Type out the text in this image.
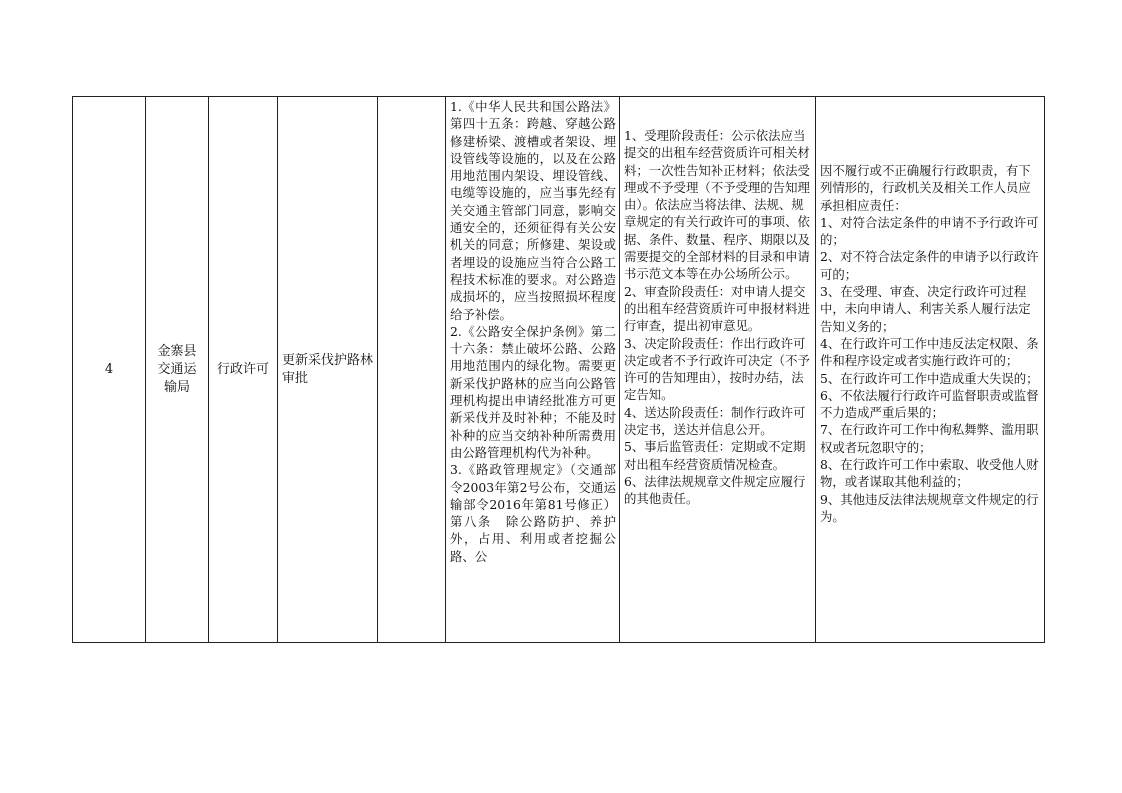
4
金寨县
交通运
输局
行政许可
更新采伐护路林审批

1.《中华人民共和国公路法》第四十五条：跨越、穿越公路修建桥梁、渡槽或者架设、埋设管线等设施的，以及在公路用地范围内架设、埋设管线、电缆等设施的，应当事先经有关交通主管部门同意，影响交通安全的，还须征得有关公安机关的同意；所修建、架设或者埋设的设施应当符合公路工程技术标准的要求。对公路造成损坏的，应当按照损坏程度给予补偿。

2.《公路安全保护条例》第二十六条：禁止破坏公路、公路用地范围内的绿化物。需要更新采伐护路林的应当向公路管理机构提出申请经批准方可更新采伐并及时补种；不能及时补种的应当交纳补种所需费用由公路管理机构代为补种。

3.《路政管理规定》（交通部令2003年第2号公布，交通运输部令2016年第81号修正）第八条　除公路防护、养护外，占用、利用或者挖掘公路、公

1、受理阶段责任：公示依法应当提交的出租车经营资质许可相关材料；一次性告知补正材料；依法受理或不予受理（不予受理的告知理由）。依法应当将法律、法规、规章规定的有关行政许可的事项、依据、条件、数量、程序、期限以及需要提交的全部材料的目录和申请书示范文本等在办公场所公示。

2、审查阶段责任：对申请人提交的出租车经营资质许可申报材料进行审查，提出初审意见。

3、决定阶段责任：作出行政许可决定或者不予行政许可决定（不予许可的告知理由），按时办结，法定告知。

4、送达阶段责任：制作行政许可决定书，送达并信息公开。

5、事后监管责任：定期或不定期对出租车经营资质情况检查。

6、法律法规规章文件规定应履行的其他责任。

因不履行或不正确履行行政职责，有下列情形的，行政机关及相关工作人员应承担相应责任：

1、对符合法定条件的申请不予行政许可的；

2、对不符合法定条件的申请予以行政许可的；

3、在受理、审查、决定行政许可过程中，未向申请人、利害关系人履行法定告知义务的；

4、在行政许可工作中违反法定权限、条件和程序设定或者实施行政许可的；

5、在行政许可工作中造成重大失误的；

6、不依法履行行政许可监督职责或监督不力造成严重后果的；

7、在行政许可工作中徇私舞弊、滥用职权或者玩忽职守的；

8、在行政许可工作中索取、收受他人财物，或者谋取其他利益的；

9、其他违反法律法规规章文件规定的行为。
